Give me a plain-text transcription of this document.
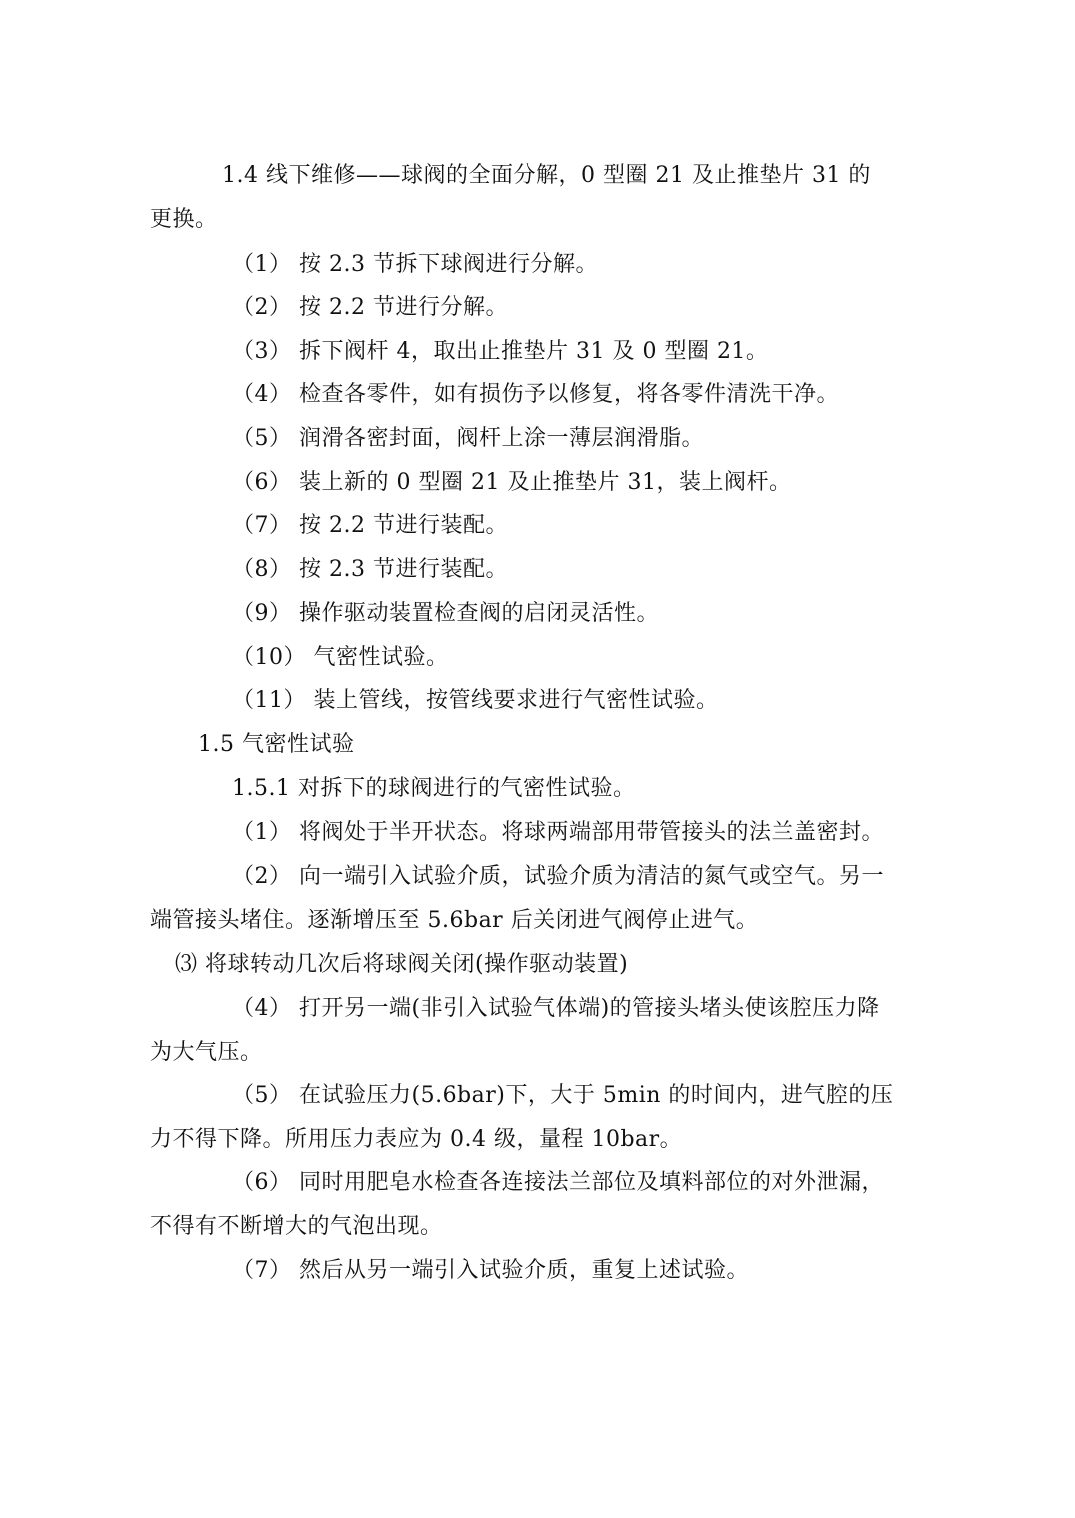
1.4 线下维修——球阀的全面分解，0 型圈 21 及止推垫片 31 的
更换。
（1） 按 2.3 节拆下球阀进行分解。
（2） 按 2.2 节进行分解。
（3） 拆下阀杆 4，取出止推垫片 31 及 0 型圈 21。
（4） 检查各零件，如有损伤予以修复，将各零件清洗干净。
（5） 润滑各密封面，阀杆上涂一薄层润滑脂。
（6） 装上新的 0 型圈 21 及止推垫片 31，装上阀杆。
（7） 按 2.2 节进行装配。
（8） 按 2.3 节进行装配。
（9） 操作驱动装置检查阀的启闭灵活性。
（10） 气密性试验。
（11） 装上管线，按管线要求进行气密性试验。
1.5 气密性试验
1.5.1 对拆下的球阀进行的气密性试验。
（1） 将阀处于半开状态。将球两端部用带管接头的法兰盖密封。
（2） 向一端引入试验介质，试验介质为清洁的氮气或空气。另一
端管接头堵住。逐渐增压至 5.6bar 后关闭进气阀停止进气。
⑶ 将球转动几次后将球阀关闭(操作驱动装置)
（4） 打开另一端(非引入试验气体端)的管接头堵头使该腔压力降
为大气压。
（5） 在试验压力(5.6bar)下，大于 5min 的时间内，进气腔的压
力不得下降。所用压力表应为 0.4 级，量程 10bar。
（6） 同时用肥皂水检查各连接法兰部位及填料部位的对外泄漏，
不得有不断增大的气泡出现。
（7） 然后从另一端引入试验介质，重复上述试验。
